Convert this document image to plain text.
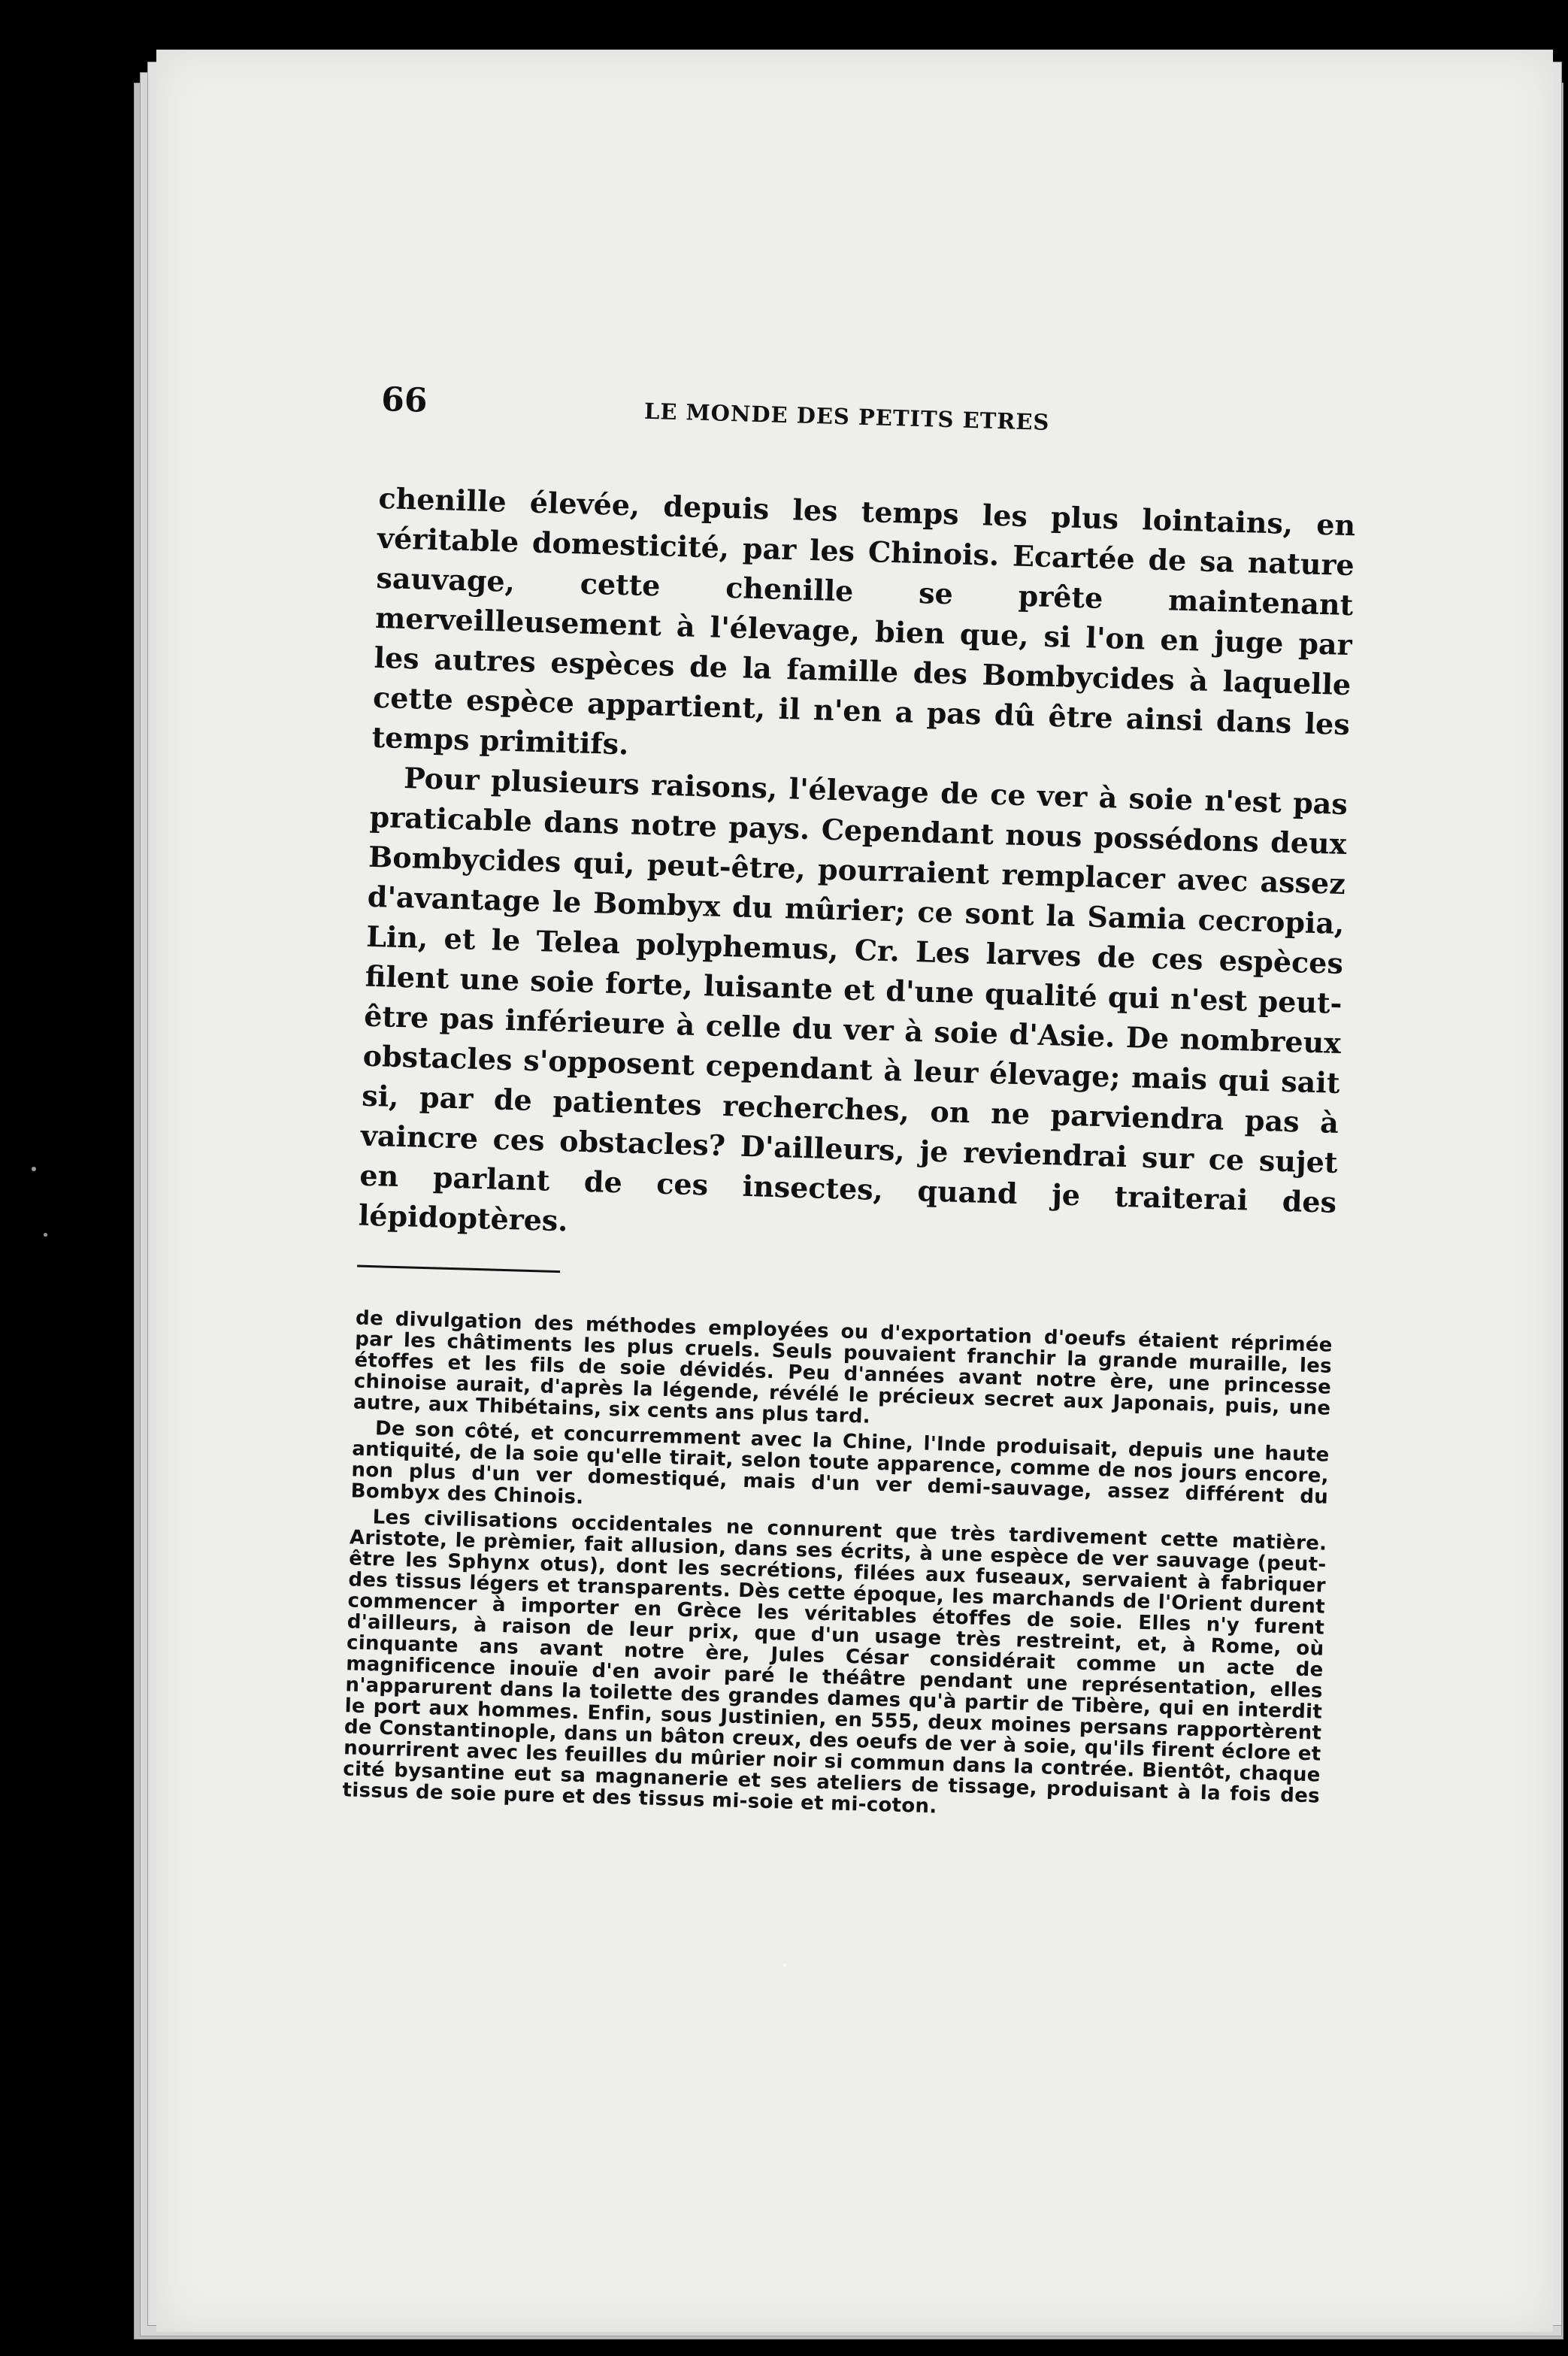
66	LE MONDE DES PETITS ETRES

chenille élevée, depuis les temps les plus lointains, en véritable domesticité, par les Chinois. Ecartée de sa nature sauvage, cette chenille se prête maintenant merveilleusement à l'élevage, bien que, si l'on en juge par les autres espèces de la famille des Bombycides à laquelle cette espèce appartient, il n'en a pas dû être ainsi dans les temps primitifs.

Pour plusieurs raisons, l'élevage de ce ver à soie n'est pas praticable dans notre pays. Cependant nous possédons deux Bombycides qui, peut-être, pourraient remplacer avec assez d'avantage le Bombyx du mûrier; ce sont la Samia cecropia, Lin, et le Telea polyphemus, Cr. Les larves de ces espèces filent une soie forte, luisante et d'une qualité qui n'est peut-être pas inférieure à celle du ver à soie d'Asie. De nombreux obstacles s'opposent cependant à leur élevage; mais qui sait si, par de patientes recherches, on ne parviendra pas à vaincre ces obstacles? D'ailleurs, je reviendrai sur ce sujet en parlant de ces insectes, quand je traiterai des lépidoptères.

de divulgation des méthodes employées ou d'exportation d'oeufs étaient réprimée par les châtiments les plus cruels. Seuls pouvaient franchir la grande muraille, les étoffes et les fils de soie dévidés. Peu d'années avant notre ère, une princesse chinoise aurait, d'après la légende, révélé le précieux secret aux Japonais, puis, une autre, aux Thibétains, six cents ans plus tard.

De son côté, et concurremment avec la Chine, l'Inde produisait, depuis une haute antiquité, de la soie qu'elle tirait, selon toute apparence, comme de nos jours encore, non plus d'un ver domestiqué, mais d'un ver demi-sauvage, assez différent du Bombyx des Chinois.

Les civilisations occidentales ne connurent que très tardivement cette matière. Aristote, le prèmier, fait allusion, dans ses écrits, à une espèce de ver sauvage (peut-être les Sphynx otus), dont les secrétions, filées aux fuseaux, servaient à fabriquer des tissus légers et transparents. Dès cette époque, les marchands de l'Orient durent commencer à importer en Grèce les véritables étoffes de soie. Elles n'y furent d'ailleurs, à raison de leur prix, que d'un usage très restreint, et, à Rome, où cinquante ans avant notre ère, Jules César considérait comme un acte de magnificence inouïe d'en avoir paré le théâtre pendant une représentation, elles n'apparurent dans la toilette des grandes dames qu'à partir de Tibère, qui en interdit le port aux hommes. Enfin, sous Justinien, en 555, deux moines persans rapportèrent de Constantinople, dans un bâton creux, des oeufs de ver à soie, qu'ils firent éclore et nourrirent avec les feuilles du mûrier noir si commun dans la contrée. Bientôt, chaque cité bysantine eut sa magnanerie et ses ateliers de tissage, produisant à la fois des tissus de soie pure et des tissus mi-soie et mi-coton.
